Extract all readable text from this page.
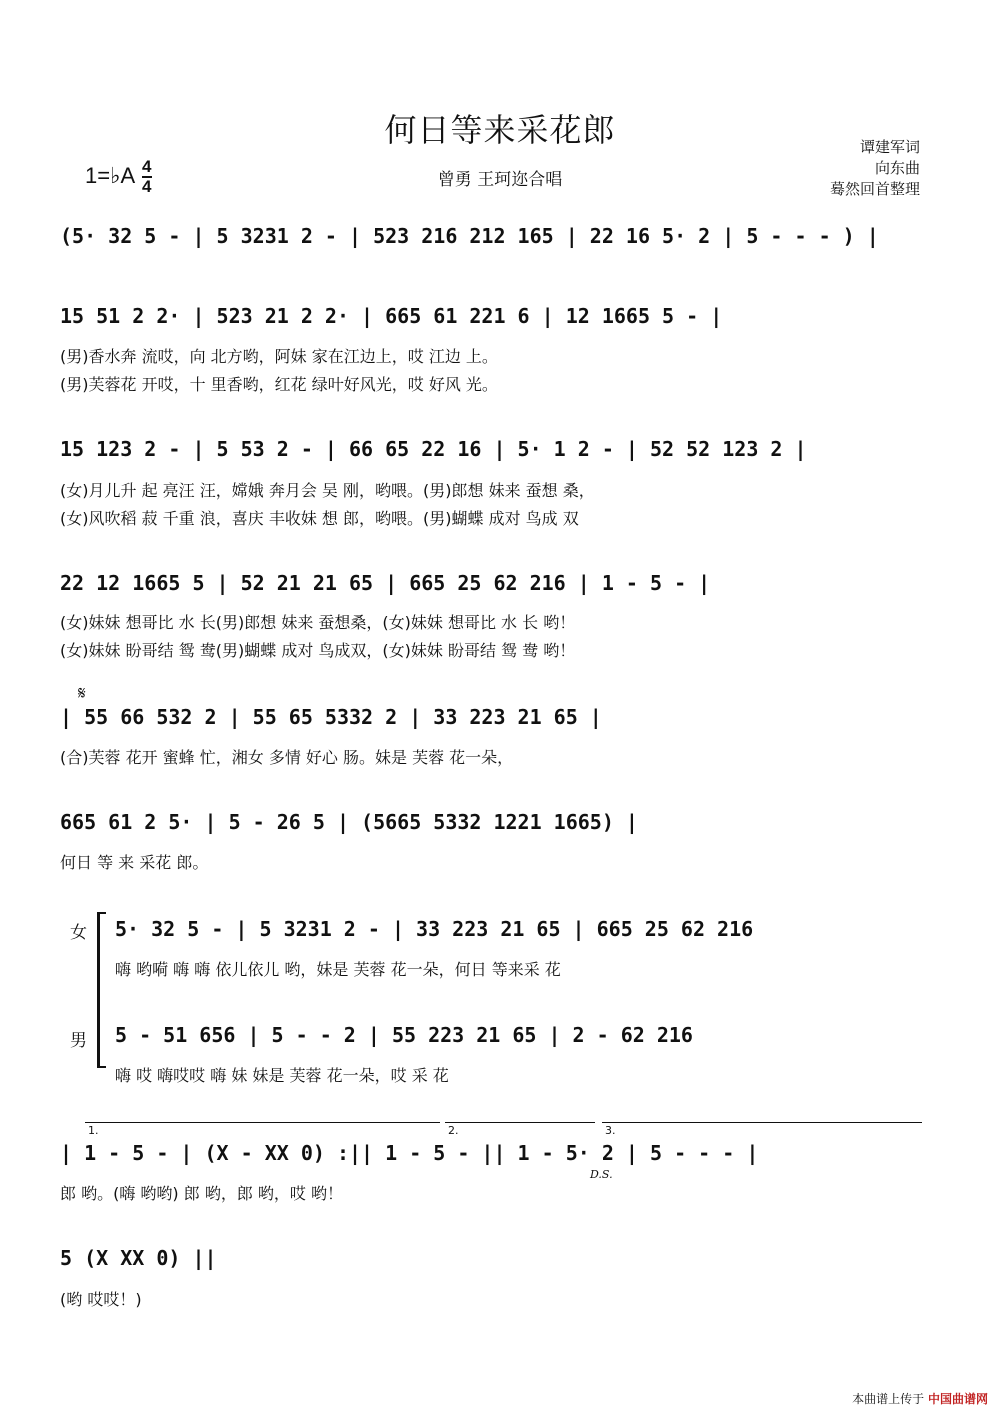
何日等来采花郎
曾勇 王珂迩合唱
谭建军词
向东曲
蓦然回首整理
1=♭A $\frac{4}{4}$
(5· 32 5 - | 5 3231 2 - | 523 216 212 165 | 22 16 5· 2 | 5 - - - ) |
15 51 2 2· | 523 21 2 2· | 665 61 221 6 | 12 1665 5 - |
(男)香水奔 流哎，向 北方哟，阿妹 家在江边上，哎 江边 上。
(男)芙蓉花 开哎，十 里香哟，红花 绿叶好风光，哎 好风 光。
15 123 2 - | 5 53 2 - | 66 65 22 16 | 5· 1 2 - | 52 52 123 2 |
(女)月儿升 起 亮汪 汪，嫦娥 奔月会 吴 刚，哟喂。(男)郎想 妹来 蚕想 桑，
(女)风吹稻 菽 千重 浪，喜庆 丰收妹 想 郎，哟喂。(男)蝴蝶 成对 鸟成 双
22 12 1665 5 | 52 21 21 65 | 665 25 62 216 | 1 - 5 - |
(女)妹妹 想哥比 水 长(男)郎想 妹来 蚕想桑，(女)妹妹 想哥比 水 长 哟！
(女)妹妹 盼哥结 鸳 鸯(男)蝴蝶 成对 鸟成双，(女)妹妹 盼哥结 鸳 鸯 哟！
𝄋
| 55 66 532 2 | 55 65 5332 2 | 33 223 21 65 |
(合)芙蓉 花开 蜜蜂 忙，湘女 多情 好心 肠。妹是 芙蓉 花一朵，
665 61 2 5· | 5 - 26 5 | (5665 5332 1221 1665) |
何日 等 来 采花 郎。
女 5· 32 5 - | 5 3231 2 - | 33 223 21 65 | 665 25 62 216
嗨 哟嗬 嗨 嗨 依儿依儿 哟，妹是 芙蓉 花一朵，何日 等来采 花
男 5 - 51 656 | 5 - - 2 | 55 223 21 65 | 2 - 62 216
嗨 哎 嗨哎哎 嗨 妹 妹是 芙蓉 花一朵，哎 采 花
1.	2.	3.
| 1 - 5 - | (X - XX 0) :|| 1 - 5 - || 1 - 5· 2 | 5 - - - |
D.S.
郎 哟。(嗨 哟哟) 郎 哟，郎 哟，哎 哟！
5 (X XX 0) ||
(哟 哎哎！)
本曲谱上传于 中国曲谱网
